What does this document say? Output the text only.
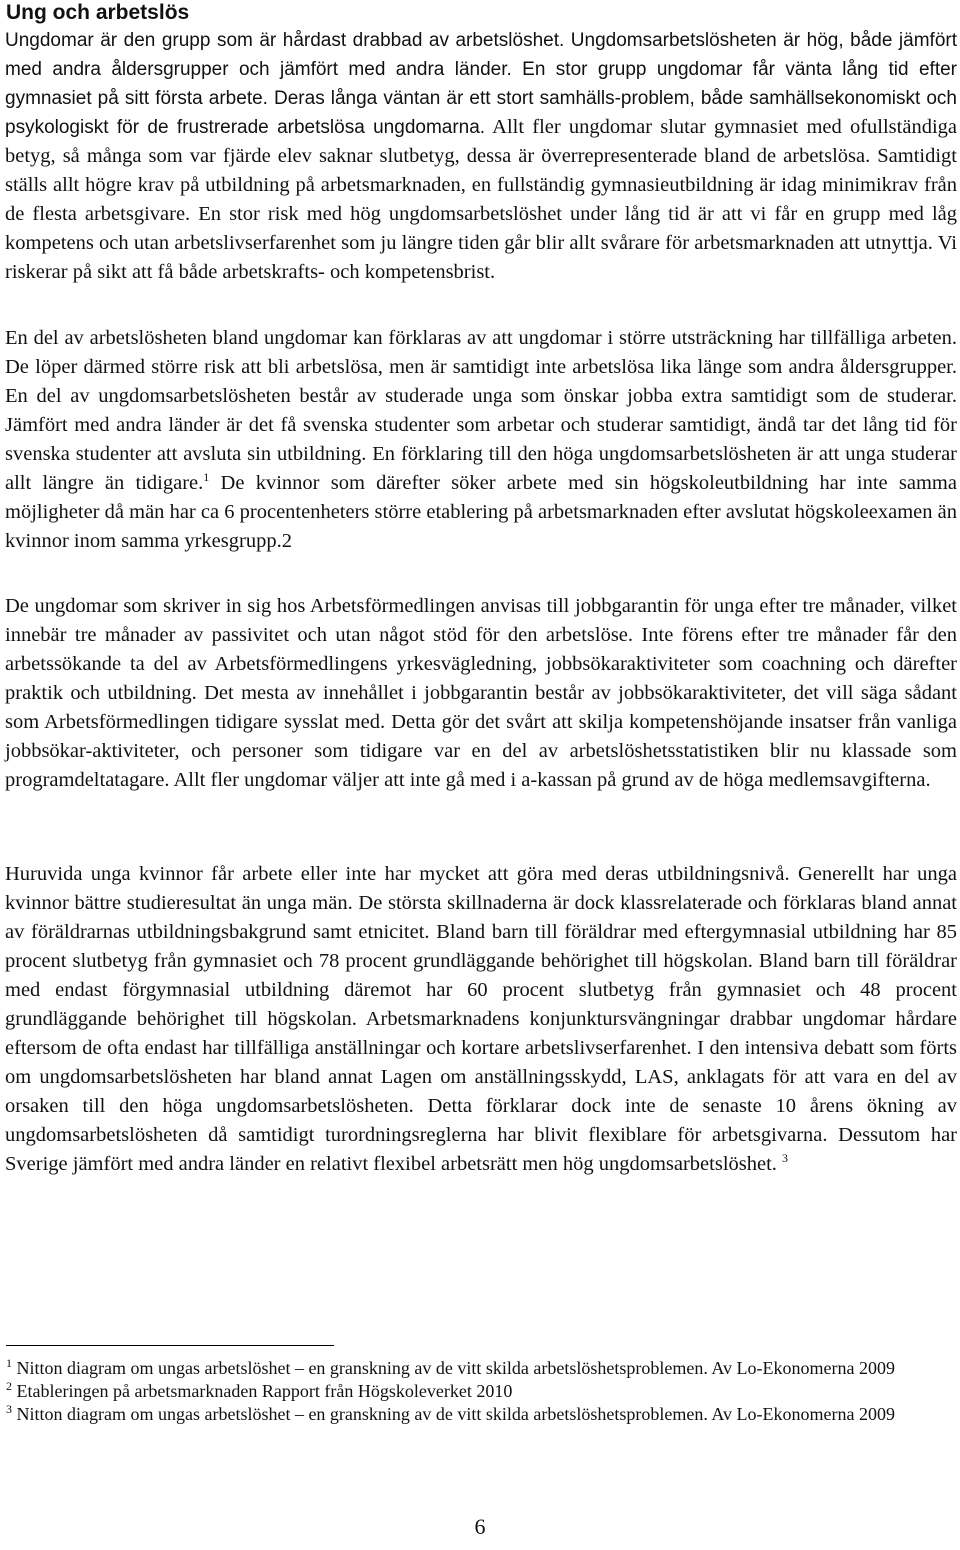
Ung och arbetslös

Ungdomar är den grupp som är hårdast drabbad av arbetslöshet. Ungdomsarbetslösheten är hög, både jämfört med andra åldersgrupper och jämfört med andra länder. En stor grupp ungdomar får vänta lång tid efter gymnasiet på sitt första arbete. Deras långa väntan är ett stort samhälls-problem, både samhällsekonomiskt och psykologiskt för de frustrerade arbetslösa ungdomarna. Allt fler ungdomar slutar gymnasiet med ofullständiga betyg, så många som var fjärde elev saknar slutbetyg, dessa är överrepresenterade bland de arbetslösa. Samtidigt ställs allt högre krav på utbildning på arbetsmarknaden, en fullständig gymnasieutbildning är idag minimikrav från de flesta arbetsgivare. En stor risk med hög ungdomsarbetslöshet under lång tid är att vi får en grupp med låg kompetens och utan arbetslivserfarenhet som ju längre tiden går blir allt svårare för arbetsmarknaden att utnyttja. Vi riskerar på sikt att få både arbetskrafts- och kompetensbrist.

En del av arbetslösheten bland ungdomar kan förklaras av att ungdomar i större utsträckning har tillfälliga arbeten. De löper därmed större risk att bli arbetslösa, men är samtidigt inte arbetslösa lika länge som andra åldersgrupper. En del av ungdomsarbetslösheten består av studerade unga som önskar jobba extra samtidigt som de studerar. Jämfört med andra länder är det få svenska studenter som arbetar och studerar samtidigt, ändå tar det lång tid för svenska studenter att avsluta sin utbildning. En förklaring till den höga ungdomsarbetslösheten är att unga studerar allt längre än tidigare.$^1$ De kvinnor som därefter söker arbete med sin högskoleutbildning har inte samma möjligheter då män har ca 6 procentenheters större etablering på arbetsmarknaden efter avslutat högskoleexamen än kvinnor inom samma yrkesgrupp.2

De ungdomar som skriver in sig hos Arbetsförmedlingen anvisas till jobbgarantin för unga efter tre månader, vilket innebär tre månader av passivitet och utan något stöd för den arbetslöse. Inte förens efter tre månader får den arbetssökande ta del av Arbetsförmedlingens yrkesvägledning, jobbsökaraktiviteter som coachning och därefter praktik och utbildning. Det mesta av innehållet i jobbgarantin består av jobbsökaraktiviteter, det vill säga sådant som Arbetsförmedlingen tidigare sysslat med. Detta gör det svårt att skilja kompetenshöjande insatser från vanliga jobbsökar-aktiviteter, och personer som tidigare var en del av arbetslöshetsstatistiken blir nu klassade som programdeltatagare. Allt fler ungdomar väljer att inte gå med i a-kassan på grund av de höga medlemsavgifterna.

Huruvida unga kvinnor får arbete eller inte har mycket att göra med deras utbildningsnivå. Generellt har unga kvinnor bättre studieresultat än unga män. De största skillnaderna är dock klassrelaterade och förklaras bland annat av föräldrarnas utbildningsbakgrund samt etnicitet. Bland barn till föräldrar med eftergymnasial utbildning har 85 procent slutbetyg från gymnasiet och 78 procent grundläggande behörighet till högskolan. Bland barn till föräldrar med endast förgymnasial utbildning däremot har 60 procent slutbetyg från gymnasiet och 48 procent grundläggande behörighet till högskolan. Arbetsmarknadens konjunktursvängningar drabbar ungdomar hårdare eftersom de ofta endast har tillfälliga anställningar och kortare arbetslivserfarenhet. I den intensiva debatt som förts om ungdomsarbetslösheten har bland annat Lagen om anställningsskydd, LAS, anklagats för att vara en del av orsaken till den höga ungdomsarbetslösheten. Detta förklarar dock inte de senaste 10 årens ökning av ungdomsarbetslösheten då samtidigt turordningsreglerna har blivit flexiblare för arbetsgivarna. Dessutom har Sverige jämfört med andra länder en relativt flexibel arbetsrätt men hög ungdomsarbetslöshet. $^3$

$^1$ Nitton diagram om ungas arbetslöshet – en granskning av de vitt skilda arbetslöshetsproblemen. Av Lo-Ekonomerna 2009

$^2$ Etableringen på arbetsmarknaden Rapport från Högskoleverket 2010

$^3$ Nitton diagram om ungas arbetslöshet – en granskning av de vitt skilda arbetslöshetsproblemen. Av Lo-Ekonomerna 2009

6
